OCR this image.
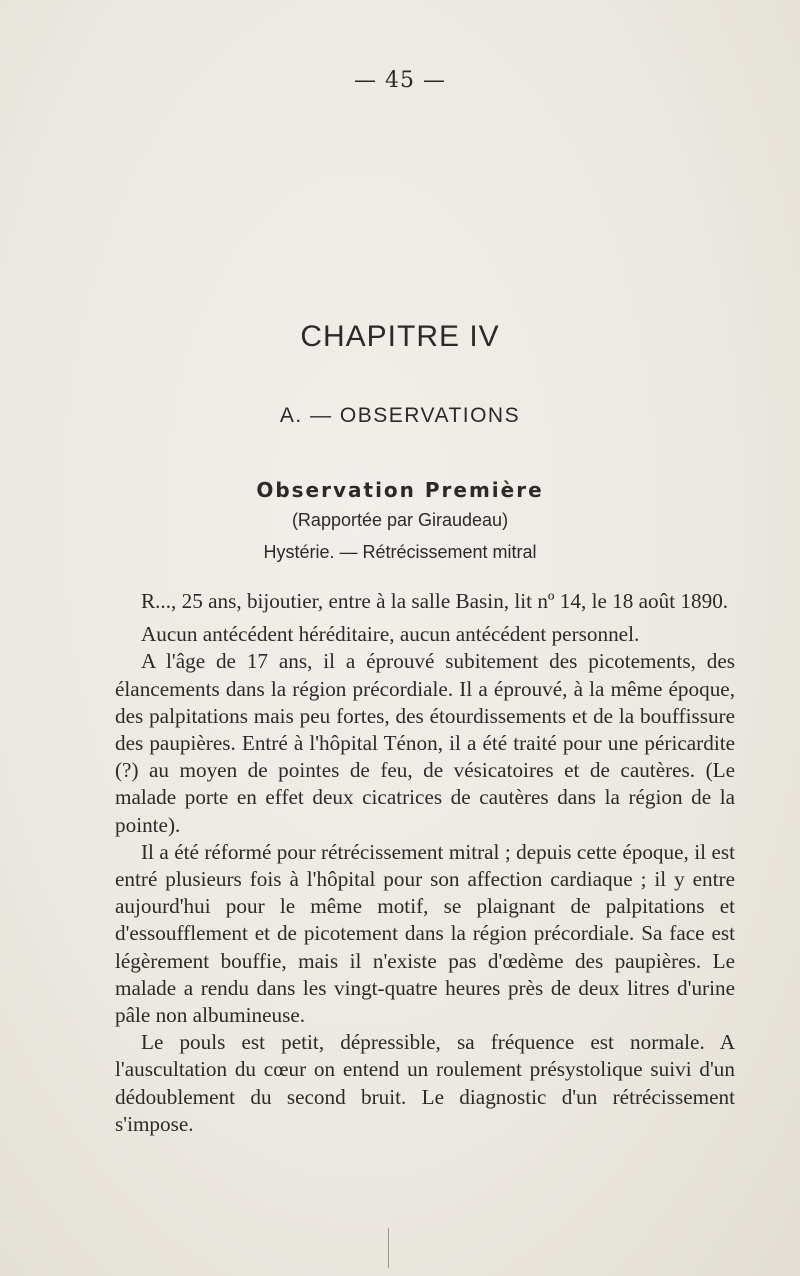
— 45 —
CHAPITRE IV
A. — OBSERVATIONS
Observation Première
(Rapportée par Giraudeau)
Hystérie. — Rétrécissement mitral

R..., 25 ans, bijoutier, entre à la salle Basin, lit nº 14, le 18 août 1890.

Aucun antécédent héréditaire, aucun antécédent personnel.

A l'âge de 17 ans, il a éprouvé subitement des picotements, des élancements dans la région précordiale. Il a éprouvé, à la même époque, des palpitations mais peu fortes, des étourdissements et de la bouffissure des paupières. Entré à l'hôpital Ténon, il a été traité pour une péricardite (?) au moyen de pointes de feu, de vésicatoires et de cautères. (Le malade porte en effet deux cicatrices de cautères dans la région de la pointe).

Il a été réformé pour rétrécissement mitral ; depuis cette époque, il est entré plusieurs fois à l'hôpital pour son affection cardiaque ; il y entre aujourd'hui pour le même motif, se plaignant de palpitations et d'essoufflement et de picotement dans la région précordiale. Sa face est légèrement bouffie, mais il n'existe pas d'œdème des paupières. Le malade a rendu dans les vingt-quatre heures près de deux litres d'urine pâle non albumineuse.

Le pouls est petit, dépressible, sa fréquence est normale. A l'auscultation du cœur on entend un roulement présystolique suivi d'un dédoublement du second bruit. Le diagnostic d'un rétrécissement s'impose.
